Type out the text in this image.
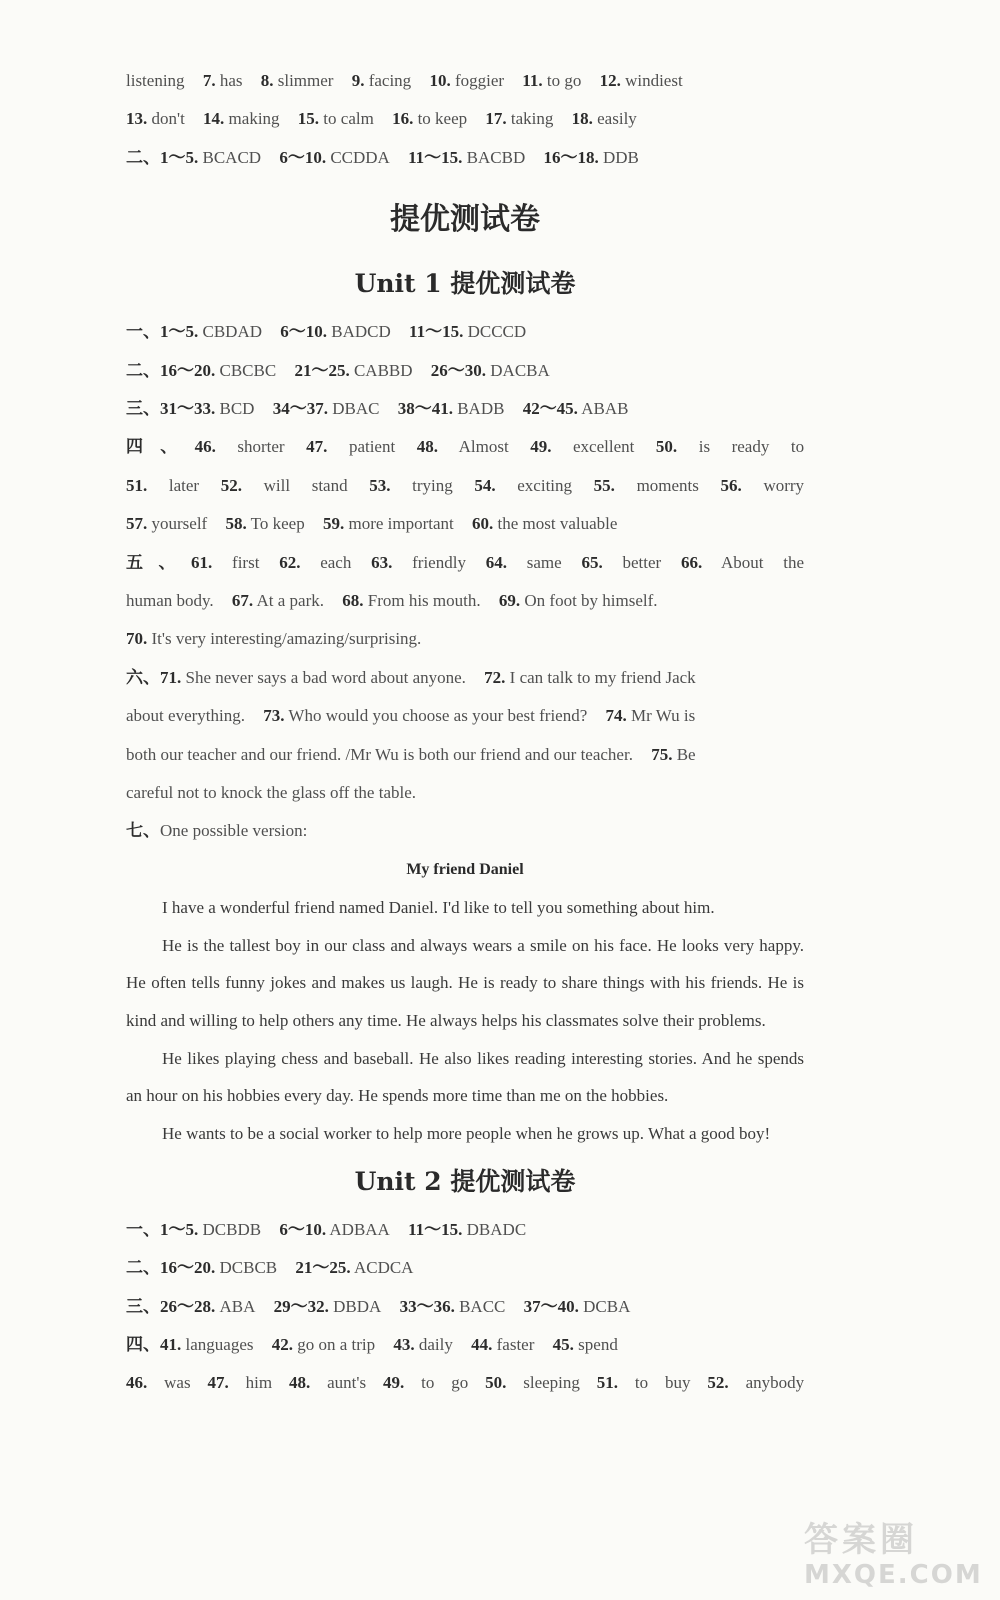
listening 7. has 8. slimmer 9. facing 10. foggier 11. to go 12. windiest
13. don't 14. making 15. to calm 16. to keep 17. taking 18. easily
二、1～5. BCACD 6～10. CCDDA 11～15. BACBD 16～18. DDB
提优测试卷
Unit 1 提优测试卷
一、1～5. CBDAD 6～10. BADCD 11～15. DCCCD
二、16～20. CBCBC 21～25. CABBD 26～30. DACBA
三、31～33. BCD 34～37. DBAC 38～41. BADB 42～45. ABAB
四、46. shorter 47. patient 48. Almost 49. excellent 50. is ready to
51. later 52. will stand 53. trying 54. exciting 55. moments 56. worry
57. yourself 58. To keep 59. more important 60. the most valuable
五、61. first 62. each 63. friendly 64. same 65. better 66. About the
human body. 67. At a park. 68. From his mouth. 69. On foot by himself.
70. It's very interesting/amazing/surprising.
六、71. She never says a bad word about anyone. 72. I can talk to my friend Jack
about everything. 73. Who would you choose as your best friend? 74. Mr Wu is
both our teacher and our friend. /Mr Wu is both our friend and our teacher. 75. Be
careful not to knock the glass off the table.
七、One possible version:
My friend Daniel

I have a wonderful friend named Daniel. I'd like to tell you something about him.

He is the tallest boy in our class and always wears a smile on his face. He looks very happy. He often tells funny jokes and makes us laugh. He is ready to share things with his friends. He is kind and willing to help others any time. He always helps his classmates solve their problems.

He likes playing chess and baseball. He also likes reading interesting stories. And he spends an hour on his hobbies every day. He spends more time than me on the hobbies.

He wants to be a social worker to help more people when he grows up. What a good boy!

Unit 2 提优测试卷
一、1～5. DCBDB 6～10. ADBAA 11～15. DBADC
二、16～20. DCBCB 21～25. ACDCA
三、26～28. ABA 29～32. DBDA 33～36. BACC 37～40. DCBA
四、41. languages 42. go on a trip 43. daily 44. faster 45. spend
46. was 47. him 48. aunt's 49. to go 50. sleeping 51. to buy 52. anybody
答案圈
MXQE.COM
